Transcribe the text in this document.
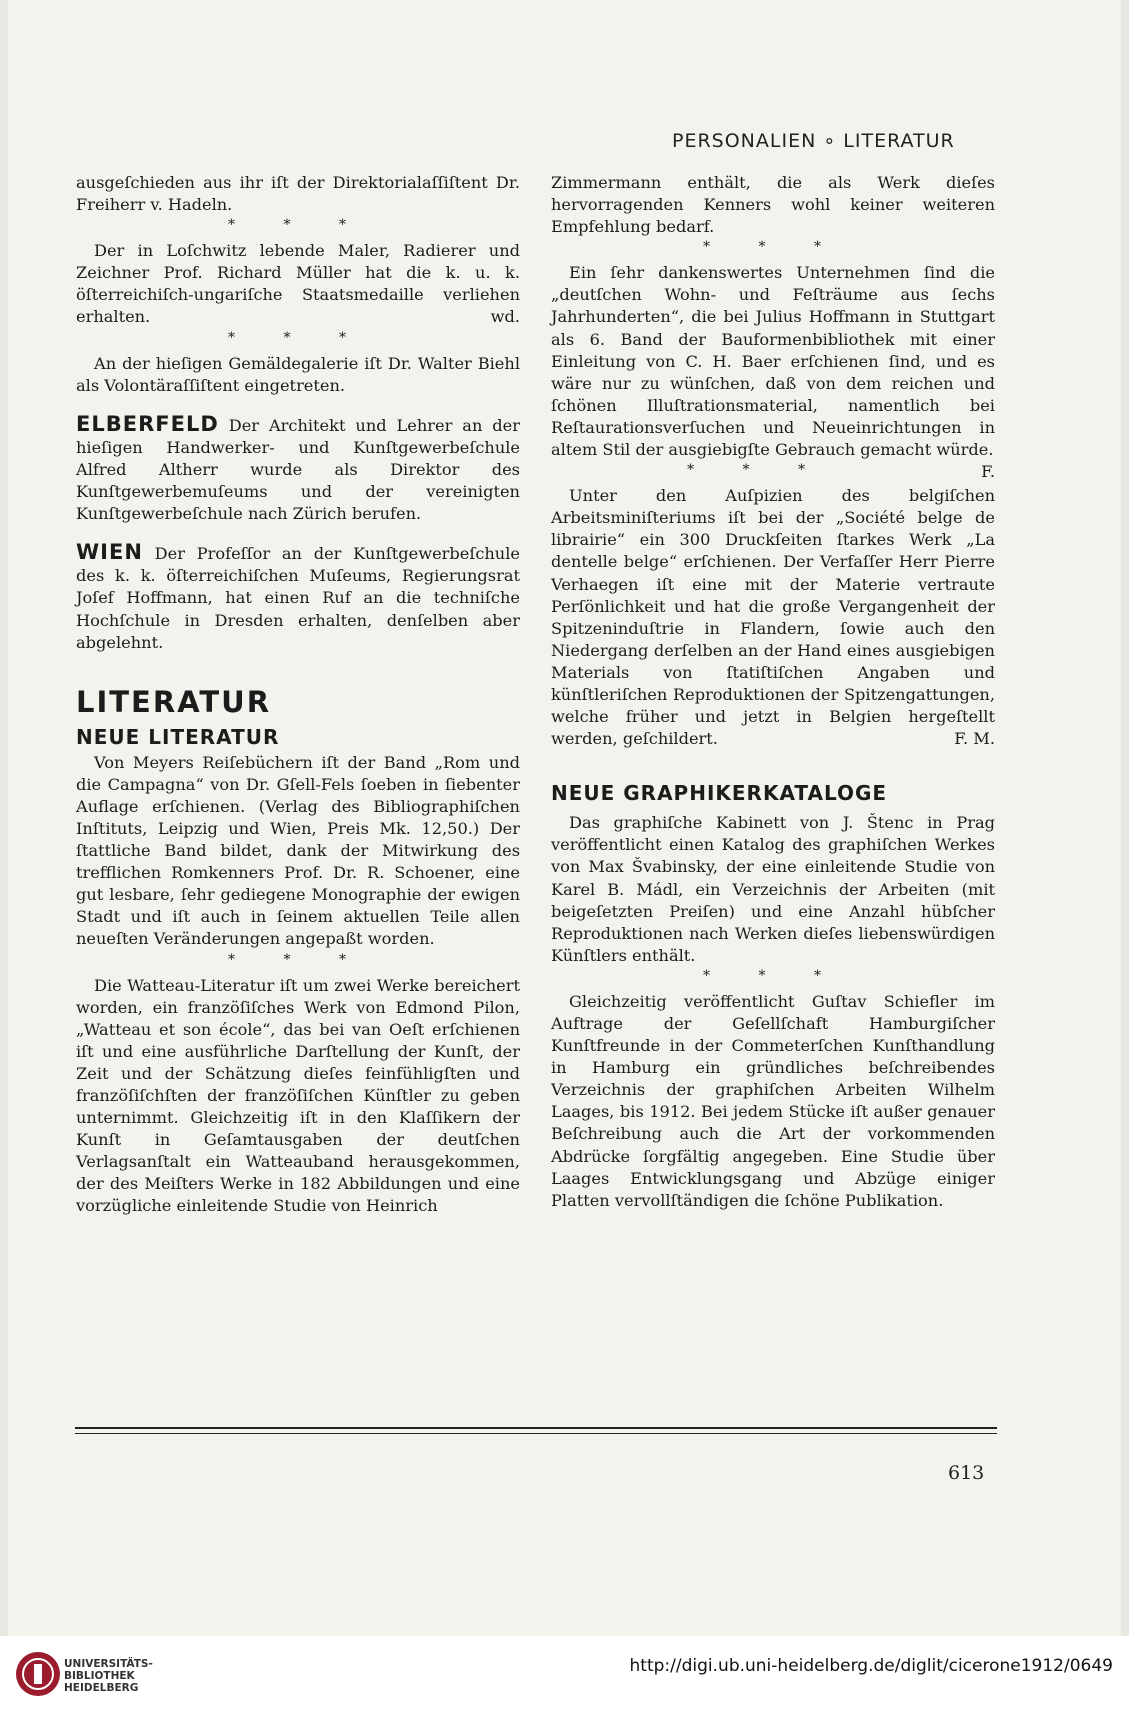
PERSONALIEN ∘ LITERATUR

ausgeſchieden aus ihr iſt der Direktorialaſſiſtent Dr. Freiherr v. Hadeln.

* * *

Der in Loſchwitz lebende Maler, Radierer und Zeichner Prof. Richard Müller hat die k. u. k. öſterreichiſch-ungariſche Staatsmedaille verliehen erhalten.	wd.

* * *

An der hieſigen Gemäldegalerie iſt Dr. Walter Biehl als Volontäraſſiſtent eingetreten.

ELBERFELD Der Architekt und Lehrer an der hieſigen Handwerker- und Kunſtgewerbeſchule Alfred Altherr wurde als Direktor des Kunſtgewerbemuſeums und der vereinigten Kunſtgewerbeſchule nach Zürich berufen.

WIEN Der Profeſſor an der Kunſtgewerbeſchule des k. k. öſterreichiſchen Muſeums, Regierungsrat Joſef Hoffmann, hat einen Ruf an die techniſche Hochſchule in Dresden erhalten, denſelben aber abgelehnt.

LITERATUR
NEUE LITERATUR

Von Meyers Reiſebüchern iſt der Band „Rom und die Campagna“ von Dr. Gſell-Fels ſoeben in ſiebenter Auflage erſchienen. (Verlag des Bibliographiſchen Inſtituts, Leipzig und Wien, Preis Mk. 12,50.) Der ſtattliche Band bildet, dank der Mitwirkung des trefflichen Romkenners Prof. Dr. R. Schoener, eine gut lesbare, ſehr gediegene Monographie der ewigen Stadt und iſt auch in ſeinem aktuellen Teile allen neueſten Veränderungen angepaßt worden.

* * *

Die Watteau-Literatur iſt um zwei Werke bereichert worden, ein franzöſiſches Werk von Edmond Pilon, „Watteau et son école“, das bei van Oeſt erſchienen iſt und eine ausführliche Darſtellung der Kunſt, der Zeit und der Schätzung dieſes feinfühligſten und franzöſiſchſten der franzöſiſchen Künſtler zu geben unternimmt. Gleichzeitig iſt in den Klaſſikern der Kunſt in Geſamtausgaben der deutſchen Verlagsanſtalt ein Watteauband herausgekommen, der des Meiſters Werke in 182 Abbildungen und eine vorzügliche einleitende Studie von Heinrich

Zimmermann enthält, die als Werk dieſes hervorragenden Kenners wohl keiner weiteren Empfehlung bedarf.

* * *

Ein ſehr dankenswertes Unternehmen ſind die „deutſchen Wohn- und Feſträume aus ſechs Jahrhunderten“, die bei Julius Hoffmann in Stuttgart als 6. Band der Bauformenbibliothek mit einer Einleitung von C. H. Baer erſchienen ſind, und es wäre nur zu wünſchen, daß von dem reichen und ſchönen Illuſtrationsmaterial, namentlich bei Reſtaurationsverſuchen und Neueinrichtungen in altem Stil der ausgiebigſte Gebrauch gemacht würde.
F.

* * *

Unter den Auſpizien des belgiſchen Arbeitsminiſteriums iſt bei der „Société belge de librairie“ ein 300 Druckſeiten ſtarkes Werk „La dentelle belge“ erſchienen. Der Verfaſſer Herr Pierre Verhaegen iſt eine mit der Materie vertraute Perſönlichkeit und hat die große Vergangenheit der Spitzeninduſtrie in Flandern, ſowie auch den Niedergang derſelben an der Hand eines ausgiebigen Materials von ſtatiſtiſchen Angaben und künſtleriſchen Reproduktionen der Spitzengattungen, welche früher und jetzt in Belgien hergeſtellt werden, geſchildert.	F. M.

NEUE GRAPHIKERKATALOGE

Das graphiſche Kabinett von J. Štenc in Prag veröffentlicht einen Katalog des graphiſchen Werkes von Max Švabinsky, der eine einleitende Studie von Karel B. Mádl, ein Verzeichnis der Arbeiten (mit beigeſetzten Preiſen) und eine Anzahl hübſcher Reproduktionen nach Werken dieſes liebenswürdigen Künſtlers enthält.

* * *

Gleichzeitig veröffentlicht Guſtav Schiefler im Auftrage der Geſellſchaft Hamburgiſcher Kunſtfreunde in der Commeterſchen Kunſthandlung in Hamburg ein gründliches beſchreibendes Verzeichnis der graphiſchen Arbeiten Wilhelm Laages, bis 1912. Bei jedem Stücke iſt außer genauer Beſchreibung auch die Art der vorkommenden Abdrücke ſorgfältig angegeben. Eine Studie über Laages Entwicklungsgang und Abzüge einiger Platten vervollſtändigen die ſchöne Publikation.

613
UNIVERSITÄTS-
BIBLIOTHEK
HEIDELBERG
http://digi.ub.uni-heidelberg.de/diglit/cicerone1912/0649
